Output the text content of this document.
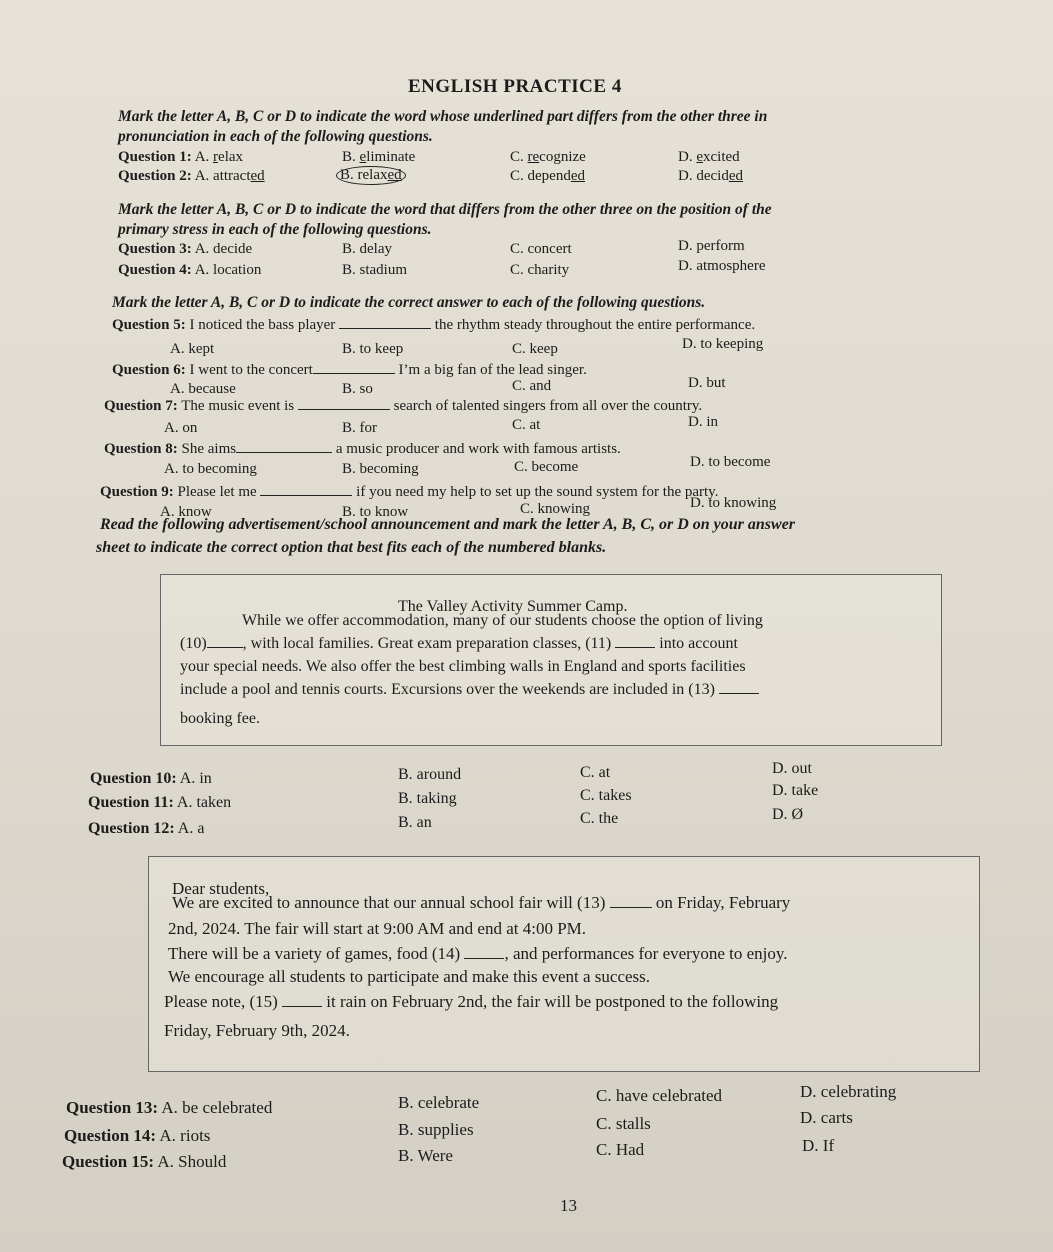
ENGLISH PRACTICE 4
Mark the letter A, B, C or D to indicate the word whose underlined part differs from the other three in
pronunciation in each of the following questions.
Question 1: A. relax	B. eliminate	C. recognize	D. excited
Question 2: A. attracted	B. relaxed	C. depended	D. decided
Mark the letter A, B, C or D to indicate the word that differs from the other three on the position of the
primary stress in each of the following questions.
Question 3: A. decide	B. delay	C. concert	D. perform
Question 4: A. location	B. stadium	C. charity	D. atmosphere
Mark the letter A, B, C or D to indicate the correct answer to each of the following questions.
Question 5: I noticed the bass player	the rhythm steady throughout the entire performance.
A. kept	B. to keep	C. keep	D. to keeping
Question 6: I went to the concert	I’m a big fan of the lead singer.
A. because	B. so	C. and	D. but
Question 7: The music event is	search of talented singers from all over the country.
A. on	B. for	C. at	D. in
Question 8: She aims	a music producer and work with famous artists.
A. to becoming	B. becoming	C. become	D. to become
Question 9: Please let me	if you need my help to set up the sound system for the party.
A. know	B. to know	C. knowing	D. to knowing
Read the following advertisement/school announcement and mark the letter A, B, C, or D on your answer
sheet to indicate the correct option that best fits each of the numbered blanks.
The Valley Activity Summer Camp.
While we offer accommodation, many of our students choose the option of living
(10) , with local families. Great exam preparation classes, (11)	into account
your special needs. We also offer the best climbing walls in England and sports facilities
include a pool and tennis courts. Excursions over the weekends are included in (13)
booking fee.
Question 10: A. in	B. around	C. at	D. out
Question 11: A. taken	B. taking	C. takes	D. take
Question 12: A. a	B. an	C. the	D. Ø
Dear students,
We are excited to announce that our annual school fair will (13)	on Friday, February
2nd, 2024. The fair will start at 9:00 AM and end at 4:00 PM.
There will be a variety of games, food (14)	, and performances for everyone to enjoy.
We encourage all students to participate and make this event a success.
Please note, (15)	it rain on February 2nd, the fair will be postponed to the following
Friday, February 9th, 2024.
Question 13: A. be celebrated	B. celebrate	C. have celebrated	D. celebrating
Question 14: A. riots	B. supplies	C. stalls	D. carts
Question 15: A. Should	B. Were	C. Had	D. If
13
